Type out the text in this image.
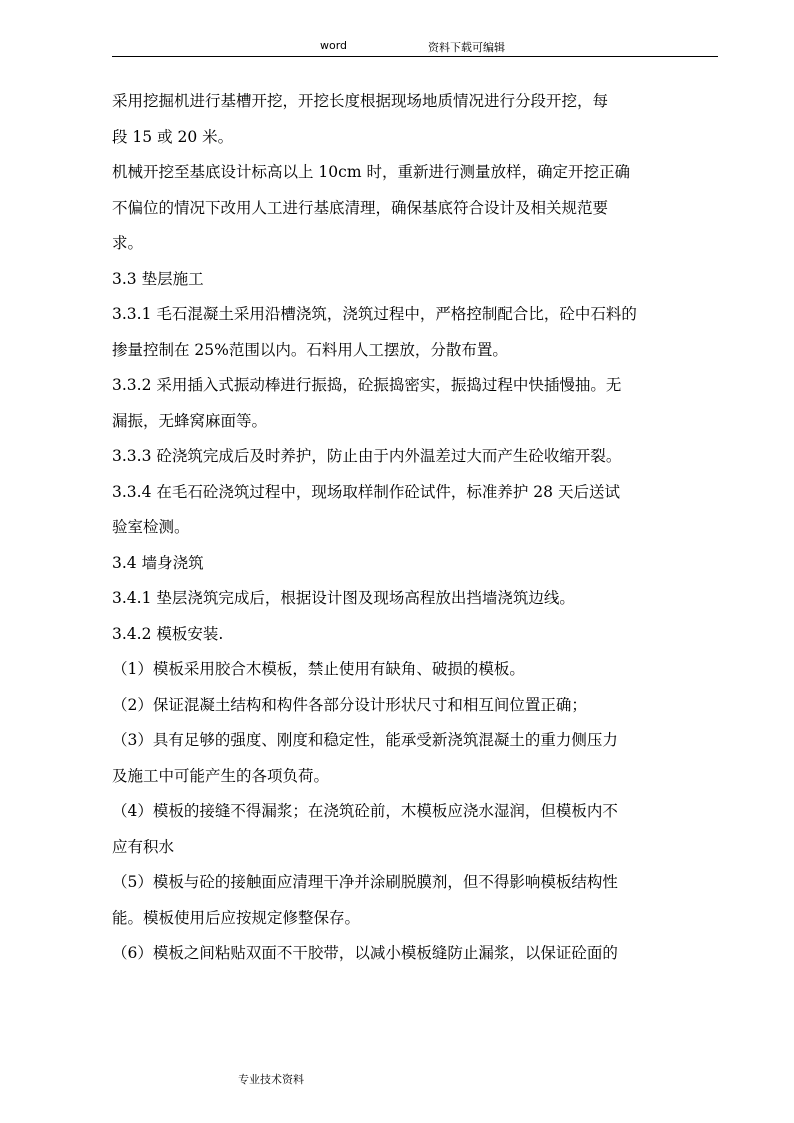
word	资料下载可编辑
采用挖掘机进行基槽开挖，开挖长度根据现场地质情况进行分段开挖，每
段 15 或 20 米。
机械开挖至基底设计标高以上 10cm 时，重新进行测量放样，确定开挖正确
不偏位的情况下改用人工进行基底清理，确保基底符合设计及相关规范要
求。
3.3 垫层施工
3.3.1 毛石混凝土采用沿槽浇筑，浇筑过程中，严格控制配合比，砼中石料的
掺量控制在 25%范围以内。石料用人工摆放，分散布置。
3.3.2 采用插入式振动棒进行振捣，砼振捣密实，振捣过程中快插慢抽。无
漏振，无蜂窝麻面等。
3.3.3 砼浇筑完成后及时养护，防止由于内外温差过大而产生砼收缩开裂。
3.3.4 在毛石砼浇筑过程中，现场取样制作砼试件，标准养护 28 天后送试
验室检测。
3.4 墙身浇筑
3.4.1 垫层浇筑完成后，根据设计图及现场高程放出挡墙浇筑边线。
3.4.2 模板安装.
（1）模板采用胶合木模板，禁止使用有缺角、破损的模板。
（2）保证混凝土结构和构件各部分设计形状尺寸和相互间位置正确；
（3）具有足够的强度、刚度和稳定性，能承受新浇筑混凝土的重力侧压力
及施工中可能产生的各项负荷。
（4）模板的接缝不得漏浆；在浇筑砼前，木模板应浇水湿润，但模板内不
应有积水
（5）模板与砼的接触面应清理干净并涂刷脱膜剂，但不得影响模板结构性
能。模板使用后应按规定修整保存。
（6）模板之间粘贴双面不干胶带，以减小模板缝防止漏浆，以保证砼面的
专业技术资料
